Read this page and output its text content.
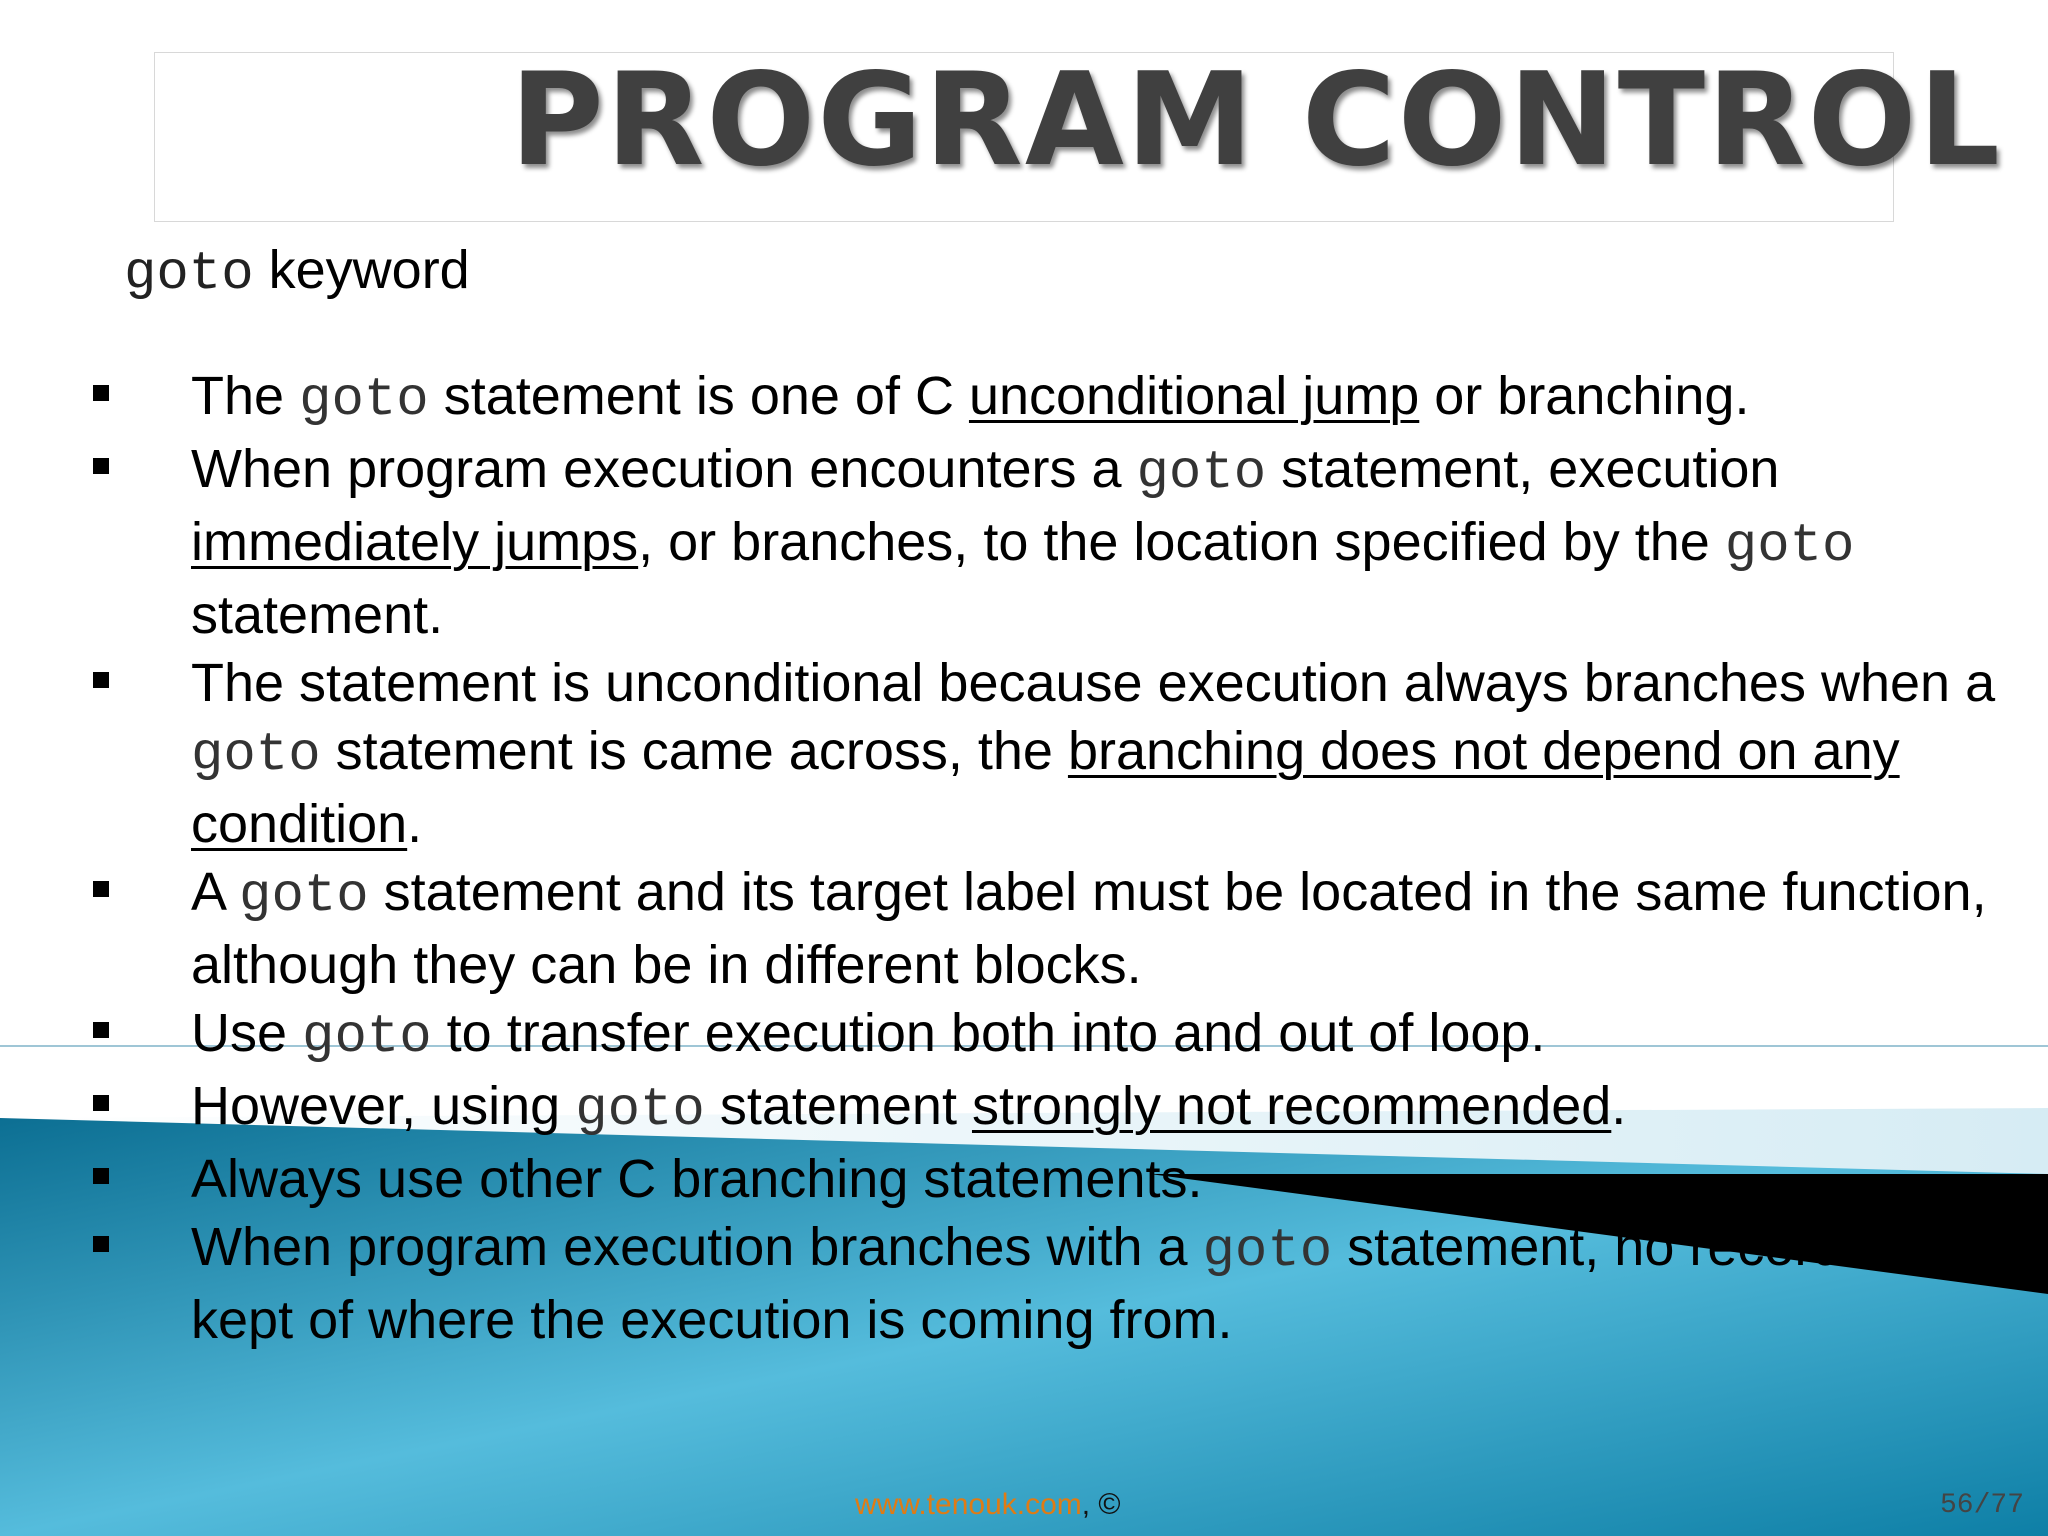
PROGRAM CONTROL
goto keyword
The goto statement is one of C unconditional jump or branching.
When program execution encounters a goto statement, execution immediately jumps, or branches, to the location specified by the goto statement.
The statement is unconditional because execution always branches when a goto statement is came across, the branching does not depend on any condition.
A goto statement and its target label must be located in the same function, although they can be in different blocks.
Use goto to transfer execution both into and out of loop.
However, using goto statement strongly not recommended.
Always use other C branching statements.
When program execution branches with a goto statement, no record is kept of where the execution is coming from.
www.tenouk.com, ©	56/77
